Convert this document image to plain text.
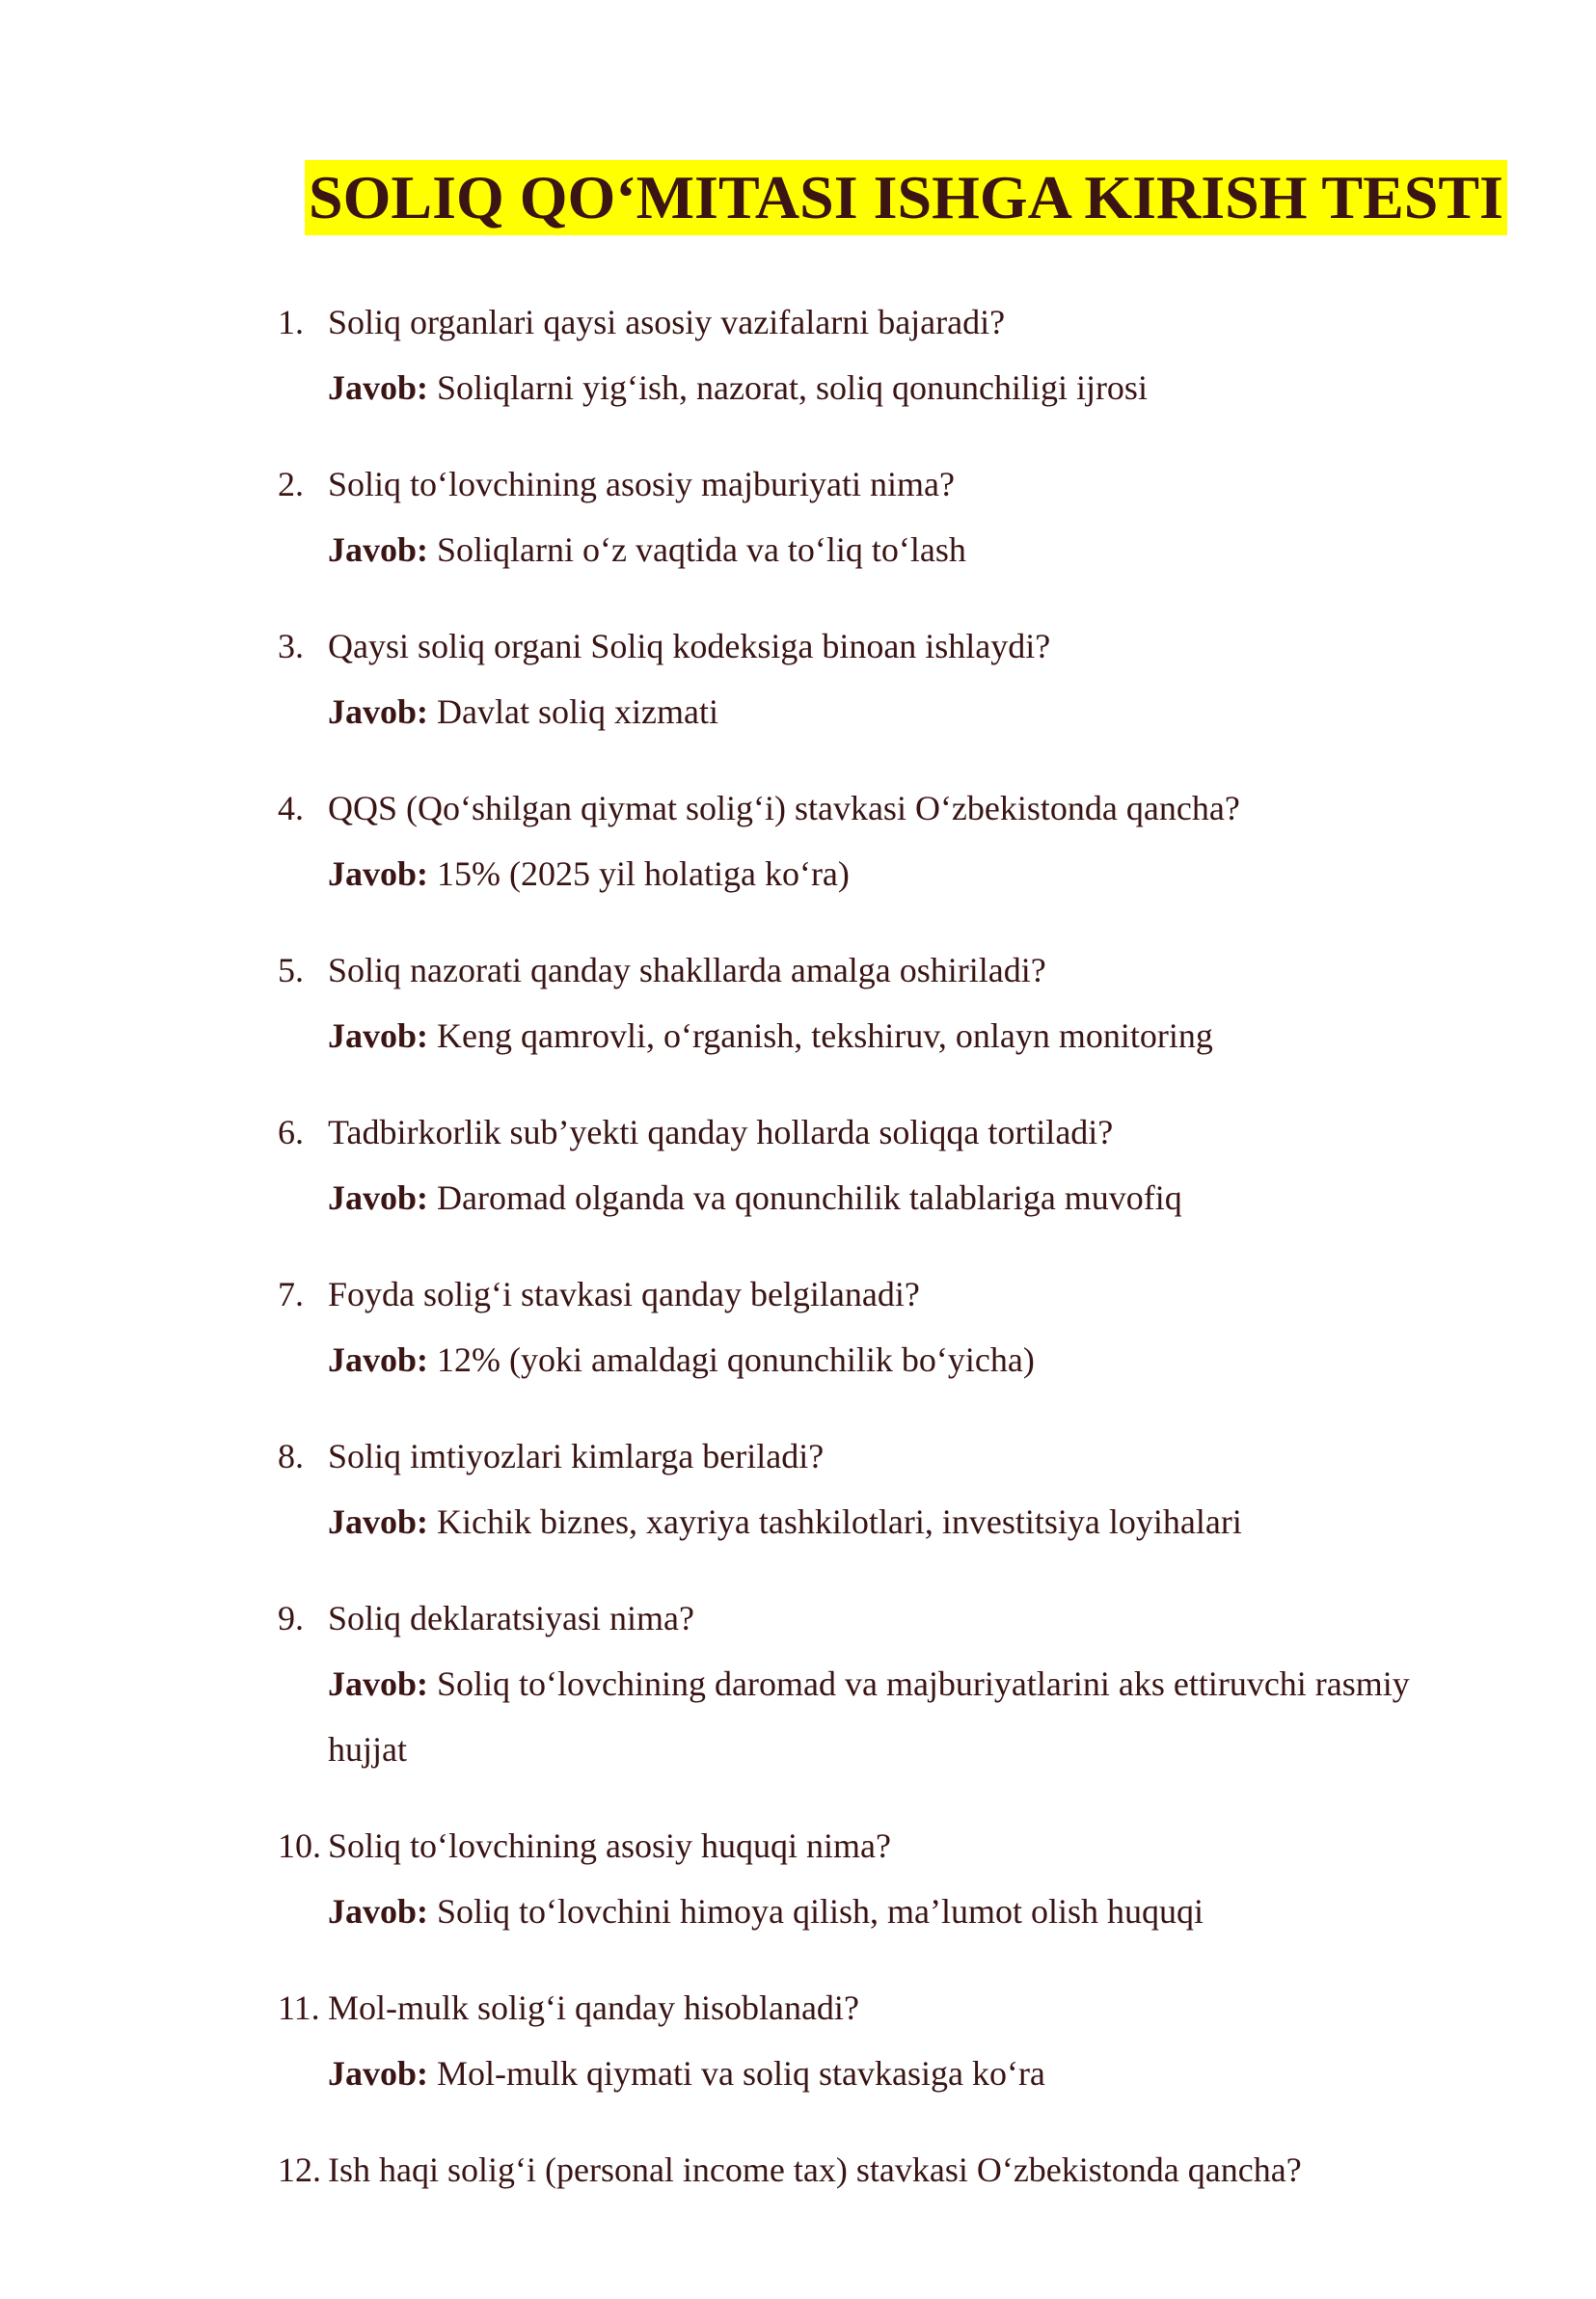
SOLIQ QO‘MITASI ISHGA KIRISH TESTI
1. Soliq organlari qaysi asosiy vazifalarni bajaradi?
Javob: Soliqlarni yig‘ish, nazorat, soliq qonunchiligi ijrosi
2. Soliq to‘lovchining asosiy majburiyati nima?
Javob: Soliqlarni o‘z vaqtida va to‘liq to‘lash
3. Qaysi soliq organi Soliq kodeksiga binoan ishlaydi?
Javob: Davlat soliq xizmati
4. QQS (Qo‘shilgan qiymat solig‘i) stavkasi O‘zbekistonda qancha?
Javob: 15% (2025 yil holatiga ko‘ra)
5. Soliq nazorati qanday shakllarda amalga oshiriladi?
Javob: Keng qamrovli, o‘rganish, tekshiruv, onlayn monitoring
6. Tadbirkorlik sub’yekti qanday hollarda soliqqa tortiladi?
Javob: Daromad olganda va qonunchilik talablariga muvofiq
7. Foyda solig‘i stavkasi qanday belgilanadi?
Javob: 12% (yoki amaldagi qonunchilik bo‘yicha)
8. Soliq imtiyozlari kimlarga beriladi?
Javob: Kichik biznes, xayriya tashkilotlari, investitsiya loyihalari
9. Soliq deklaratsiyasi nima?
Javob: Soliq to‘lovchining daromad va majburiyatlarini aks ettiruvchi rasmiy hujjat
10. Soliq to‘lovchining asosiy huquqi nima?
Javob: Soliq to‘lovchini himoya qilish, ma’lumot olish huquqi
11. Mol-mulk solig‘i qanday hisoblanadi?
Javob: Mol-mulk qiymati va soliq stavkasiga ko‘ra
12. Ish haqi solig‘i (personal income tax) stavkasi O‘zbekistonda qancha?
